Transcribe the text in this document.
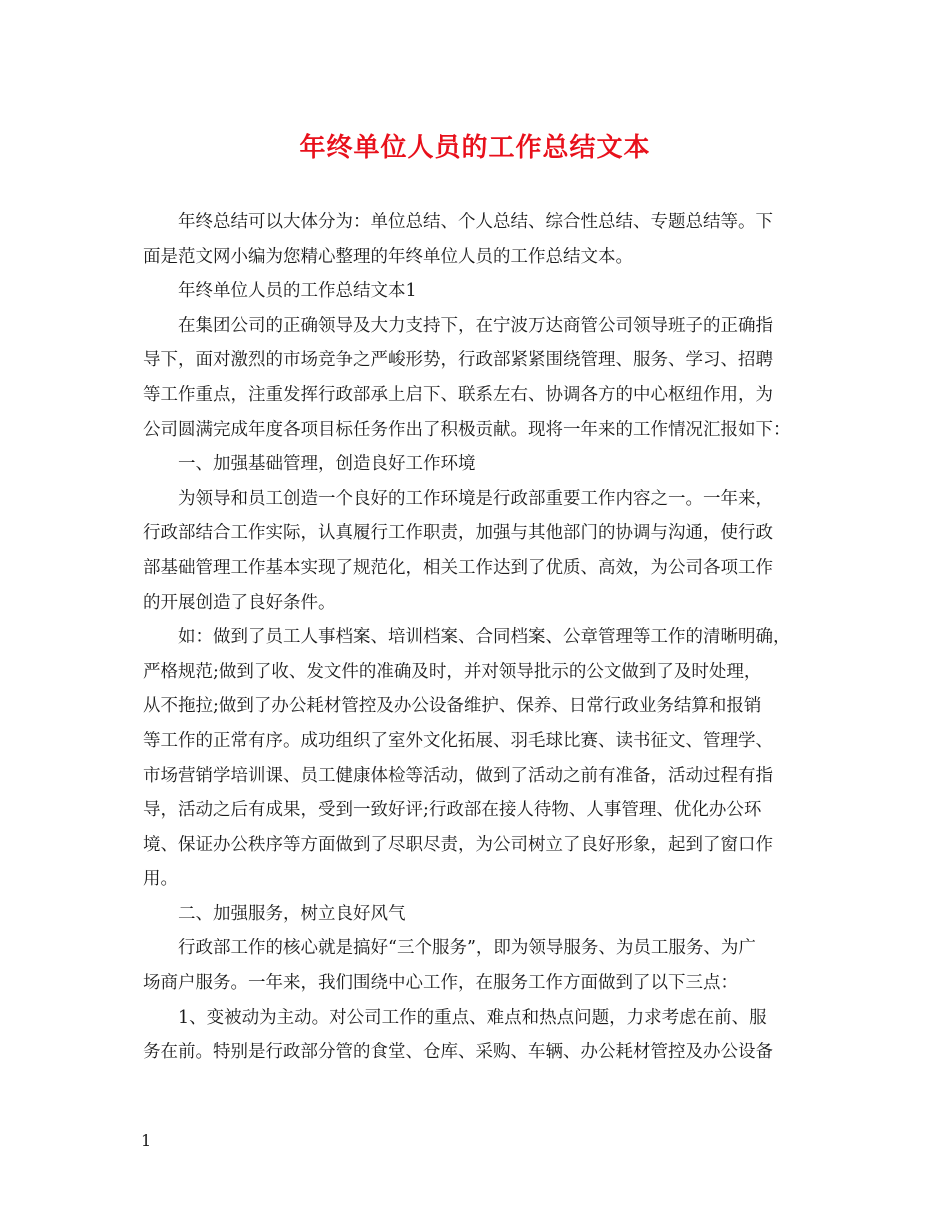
年终单位人员的工作总结文本
年终总结可以大体分为：单位总结、个人总结、综合性总结、专题总结等。下
面是范文网小编为您精心整理的年终单位人员的工作总结文本。
年终单位人员的工作总结文本1
在集团公司的正确领导及大力支持下，在宁波万达商管公司领导班子的正确指
导下，面对激烈的市场竞争之严峻形势，行政部紧紧围绕管理、服务、学习、招聘
等工作重点，注重发挥行政部承上启下、联系左右、协调各方的中心枢纽作用，为
公司圆满完成年度各项目标任务作出了积极贡献。现将一年来的工作情况汇报如下：
一、加强基础管理，创造良好工作环境
为领导和员工创造一个良好的工作环境是行政部重要工作内容之一。一年来，
行政部结合工作实际，认真履行工作职责，加强与其他部门的协调与沟通，使行政
部基础管理工作基本实现了规范化，相关工作达到了优质、高效，为公司各项工作
的开展创造了良好条件。
如：做到了员工人事档案、培训档案、合同档案、公章管理等工作的清晰明确，
严格规范;做到了收、发文件的准确及时，并对领导批示的公文做到了及时处理，
从不拖拉;做到了办公耗材管控及办公设备维护、保养、日常行政业务结算和报销
等工作的正常有序。成功组织了室外文化拓展、羽毛球比赛、读书征文、管理学、
市场营销学培训课、员工健康体检等活动，做到了活动之前有准备，活动过程有指
导，活动之后有成果，受到一致好评;行政部在接人待物、人事管理、优化办公环
境、保证办公秩序等方面做到了尽职尽责，为公司树立了良好形象，起到了窗口作
用。
二、加强服务，树立良好风气
行政部工作的核心就是搞好“三个服务”，即为领导服务、为员工服务、为广
场商户服务。一年来，我们围绕中心工作，在服务工作方面做到了以下三点：
1、变被动为主动。对公司工作的重点、难点和热点问题，力求考虑在前、服
务在前。特别是行政部分管的食堂、仓库、采购、车辆、办公耗材管控及办公设备
1
